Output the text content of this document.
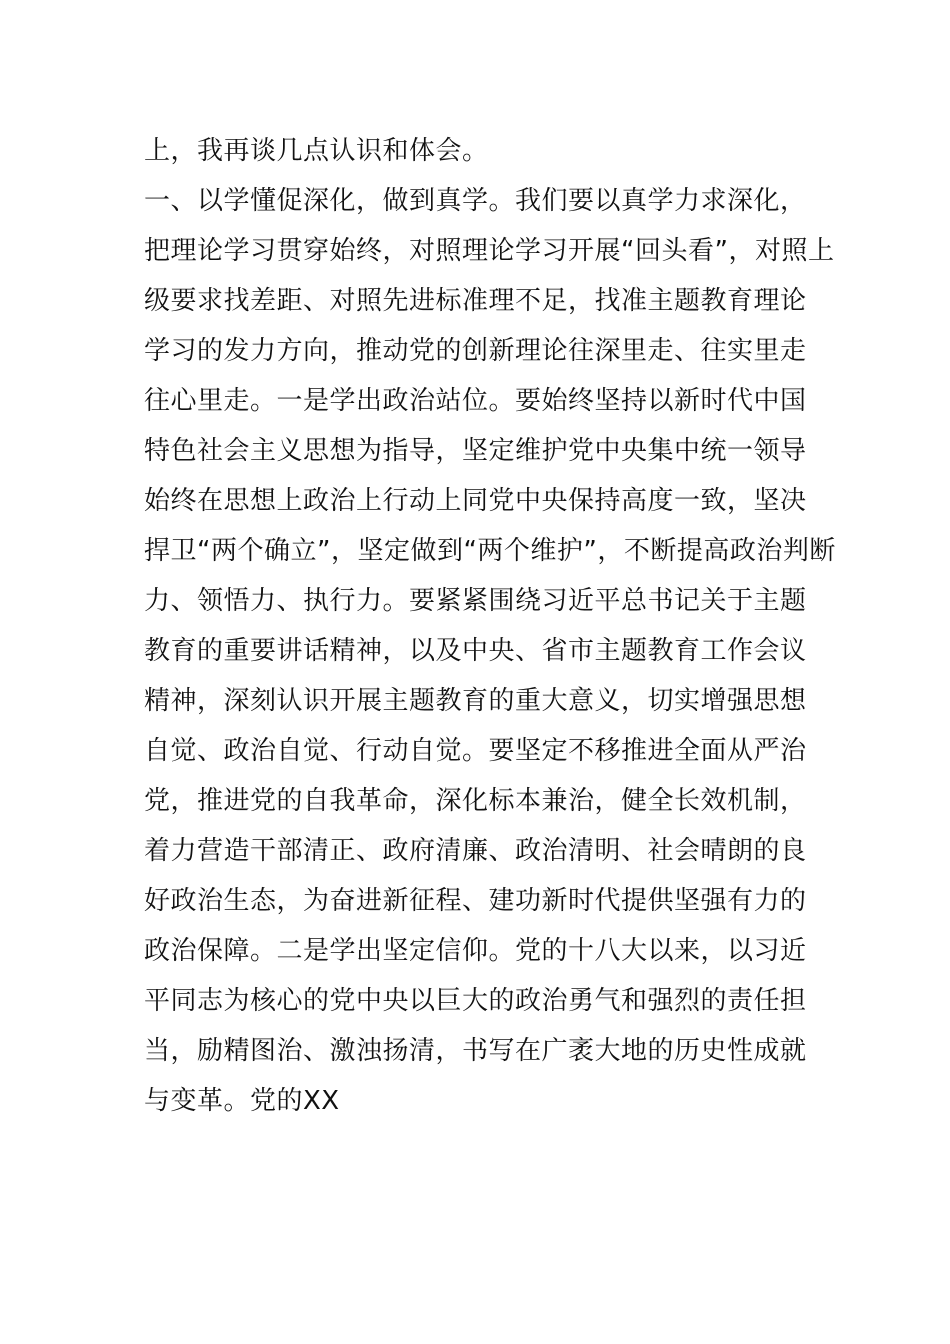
上，我再谈几点认识和体会。
一、以学懂促深化，做到真学。我们要以真学力求深化，
把理论学习贯穿始终，对照理论学习开展“回头看”，对照上
级要求找差距、对照先进标准理不足，找准主题教育理论
学习的发力方向，推动党的创新理论往深里走、往实里走
往心里走。一是学出政治站位。要始终坚持以新时代中国
特色社会主义思想为指导，坚定维护党中央集中统一领导
始终在思想上政治上行动上同党中央保持高度一致，坚决
捍卫“两个确立”，坚定做到“两个维护”，不断提高政治判断
力、领悟力、执行力。要紧紧围绕习近平总书记关于主题
教育的重要讲话精神，以及中央、省市主题教育工作会议
精神，深刻认识开展主题教育的重大意义，切实增强思想
自觉、政治自觉、行动自觉。要坚定不移推进全面从严治
党，推进党的自我革命，深化标本兼治，健全长效机制，
着力营造干部清正、政府清廉、政治清明、社会晴朗的良
好政治生态，为奋进新征程、建功新时代提供坚强有力的
政治保障。二是学出坚定信仰。党的十八大以来，以习近
平同志为核心的党中央以巨大的政治勇气和强烈的责任担
当，励精图治、激浊扬清，书写在广袤大地的历史性成就
与变革。党的XX
